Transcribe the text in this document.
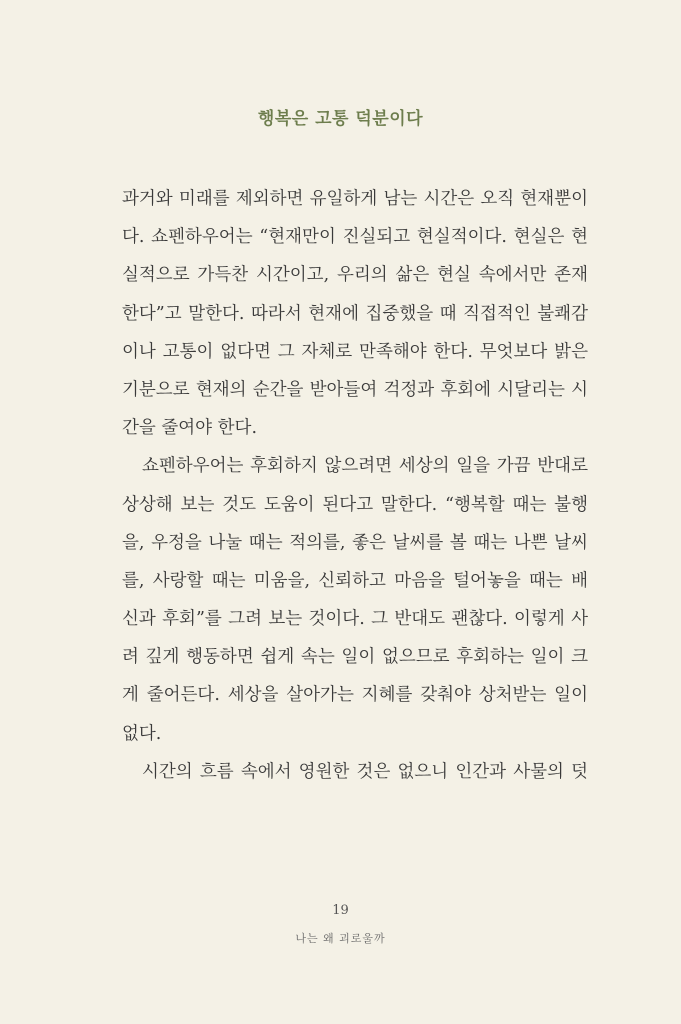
행복은 고통 덕분이다
과거와 미래를 제외하면 유일하게 남는 시간은 오직 현재뿐이
다. 쇼펜하우어는 “현재만이 진실되고 현실적이다. 현실은 현
실적으로 가득찬 시간이고, 우리의 삶은 현실 속에서만 존재
한다”고 말한다. 따라서 현재에 집중했을 때 직접적인 불쾌감
이나 고통이 없다면 그 자체로 만족해야 한다. 무엇보다 밝은
기분으로 현재의 순간을 받아들여 걱정과 후회에 시달리는 시
간을 줄여야 한다.
쇼펜하우어는 후회하지 않으려면 세상의 일을 가끔 반대로
상상해 보는 것도 도움이 된다고 말한다. “행복할 때는 불행
을, 우정을 나눌 때는 적의를, 좋은 날씨를 볼 때는 나쁜 날씨
를, 사랑할 때는 미움을, 신뢰하고 마음을 털어놓을 때는 배
신과 후회”를 그려 보는 것이다. 그 반대도 괜찮다. 이렇게 사
려 깊게 행동하면 쉽게 속는 일이 없으므로 후회하는 일이 크
게 줄어든다. 세상을 살아가는 지혜를 갖춰야 상처받는 일이
없다.
시간의 흐름 속에서 영원한 것은 없으니 인간과 사물의 덧
19
나는 왜 괴로울까
